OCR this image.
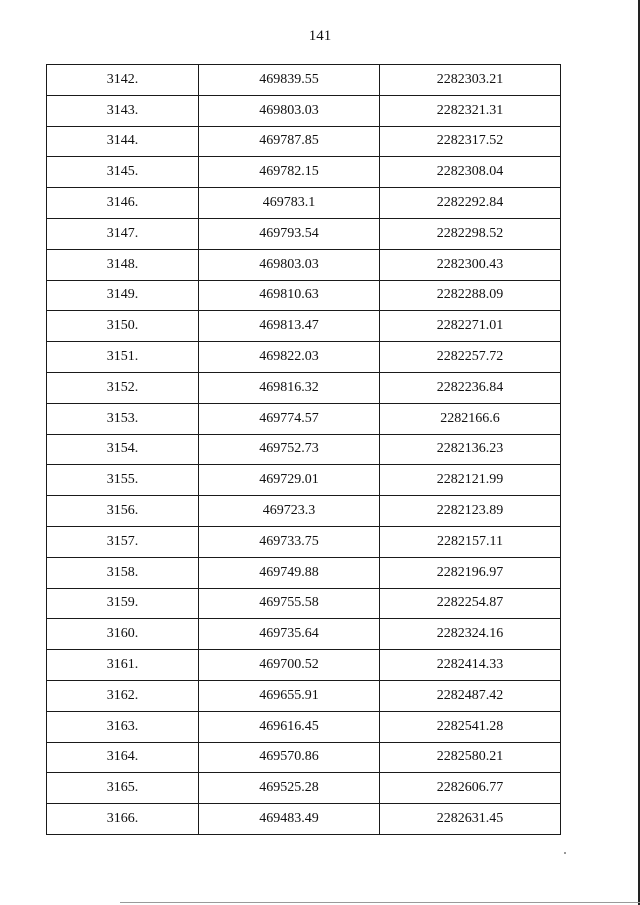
141
3142.	469839.55	2282303.21
3143.	469803.03	2282321.31
3144.	469787.85	2282317.52
3145.	469782.15	2282308.04
3146.	469783.1	2282292.84
3147.	469793.54	2282298.52
3148.	469803.03	2282300.43
3149.	469810.63	2282288.09
3150.	469813.47	2282271.01
3151.	469822.03	2282257.72
3152.	469816.32	2282236.84
3153.	469774.57	2282166.6
3154.	469752.73	2282136.23
3155.	469729.01	2282121.99
3156.	469723.3	2282123.89
3157.	469733.75	2282157.11
3158.	469749.88	2282196.97
3159.	469755.58	2282254.87
3160.	469735.64	2282324.16
3161.	469700.52	2282414.33
3162.	469655.91	2282487.42
3163.	469616.45	2282541.28
3164.	469570.86	2282580.21
3165.	469525.28	2282606.77
3166.	469483.49	2282631.45
